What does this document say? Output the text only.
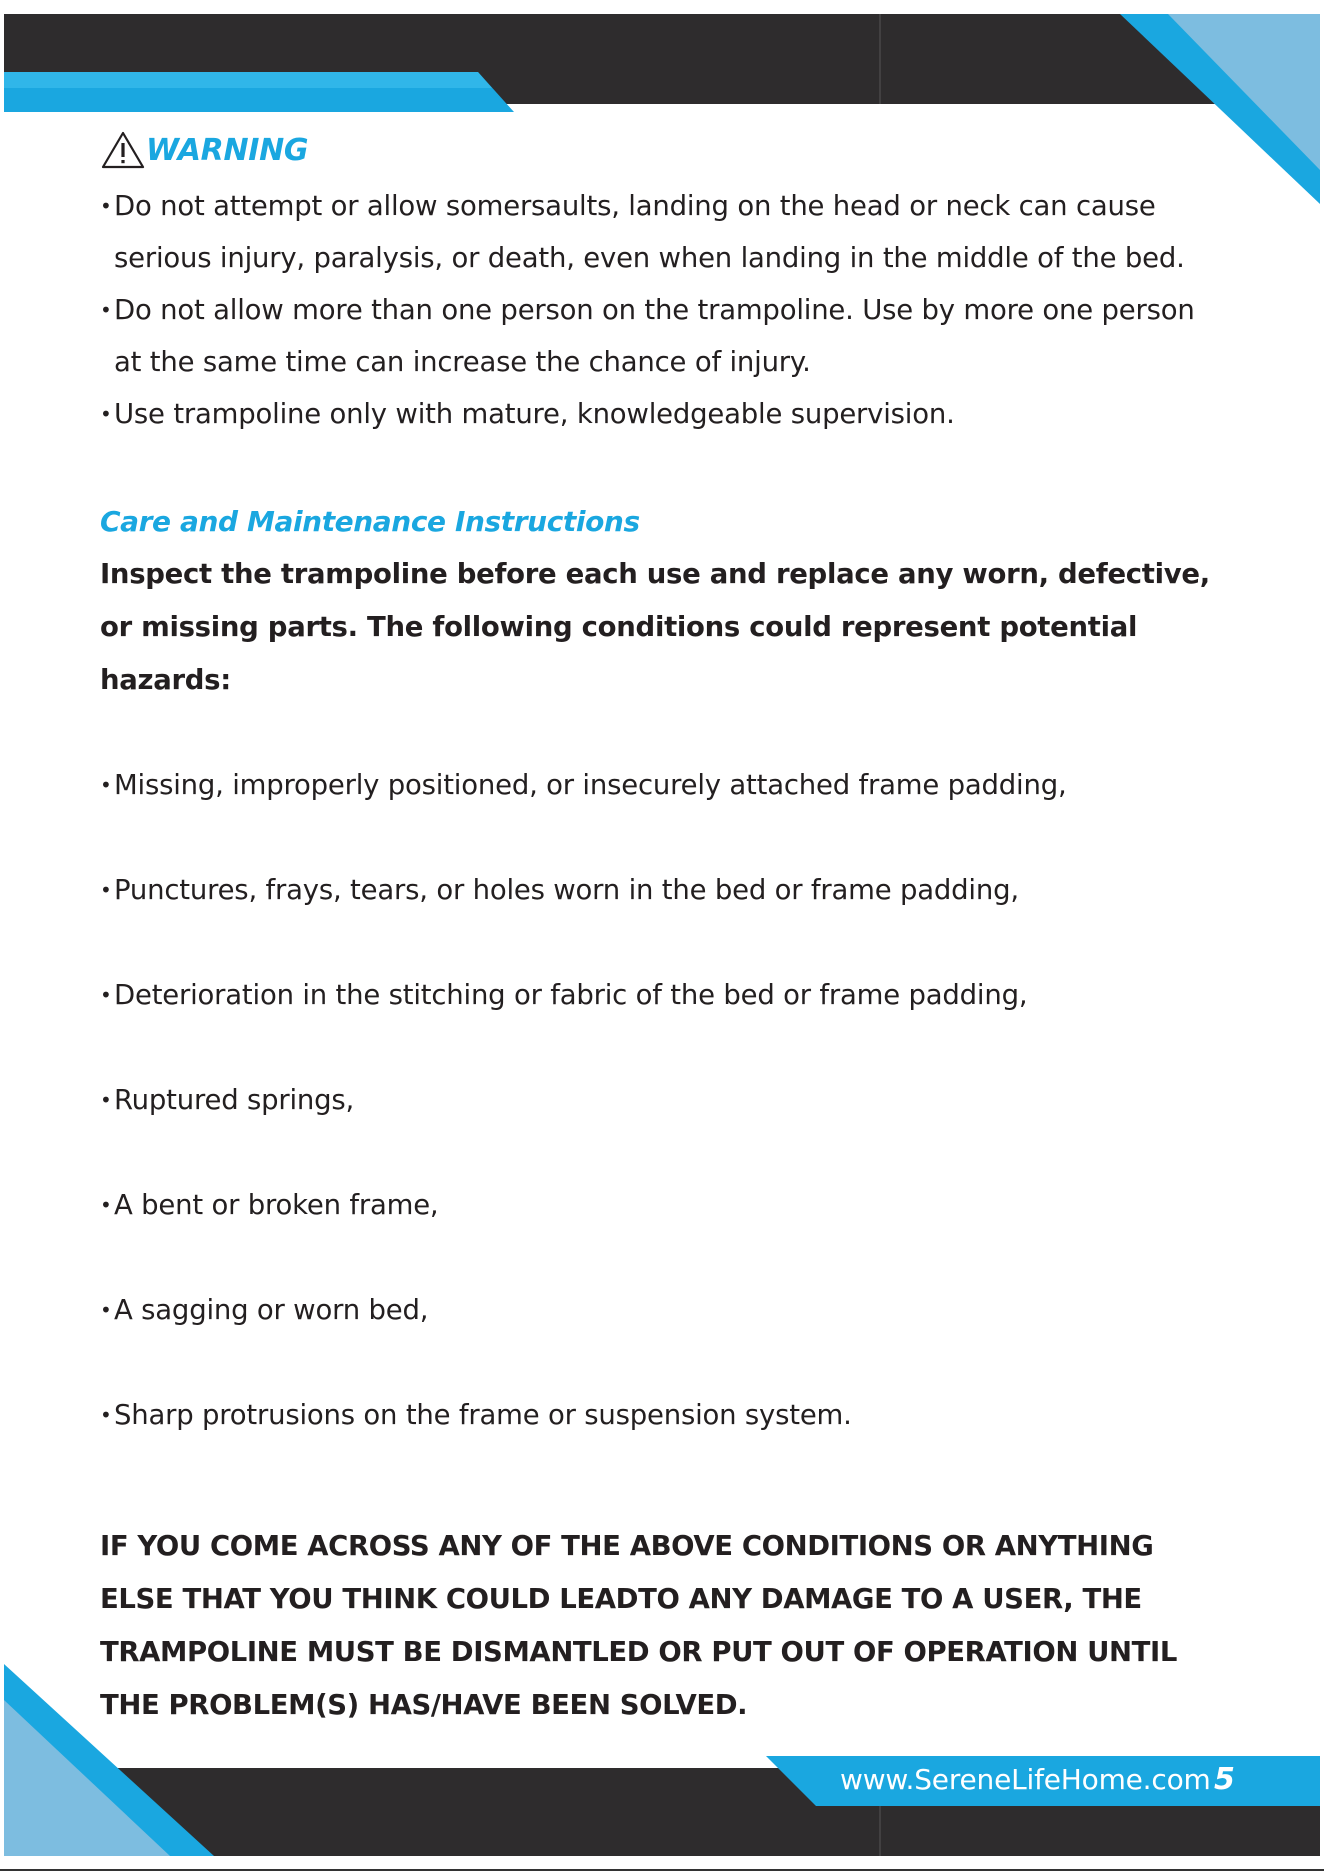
WARNING
• Do not attempt or allow somersaults, landing on the head or neck can cause serious injury, paralysis, or death, even when landing in the middle of the bed.
• Do not allow more than one person on the trampoline. Use by more one person at the same time can increase the chance of injury.
• Use trampoline only with mature, knowledgeable supervision.
Care and Maintenance Instructions
Inspect the trampoline before each use and replace any worn, defective, or missing parts. The following conditions could represent potential hazards:
• Missing, improperly positioned, or insecurely attached frame padding,
• Punctures, frays, tears, or holes worn in the bed or frame padding,
• Deterioration in the stitching or fabric of the bed or frame padding,
• Ruptured springs,
• A bent or broken frame,
• A sagging or worn bed,
• Sharp protrusions on the frame or suspension system.
IF YOU COME ACROSS ANY OF THE ABOVE CONDITIONS OR ANYTHING ELSE THAT YOU THINK COULD LEADTO ANY DAMAGE TO A USER, THE TRAMPOLINE MUST BE DISMANTLED OR PUT OUT OF OPERATION UNTIL THE PROBLEM(S) HAS/HAVE BEEN SOLVED.
www.SereneLifeHome.com 5
